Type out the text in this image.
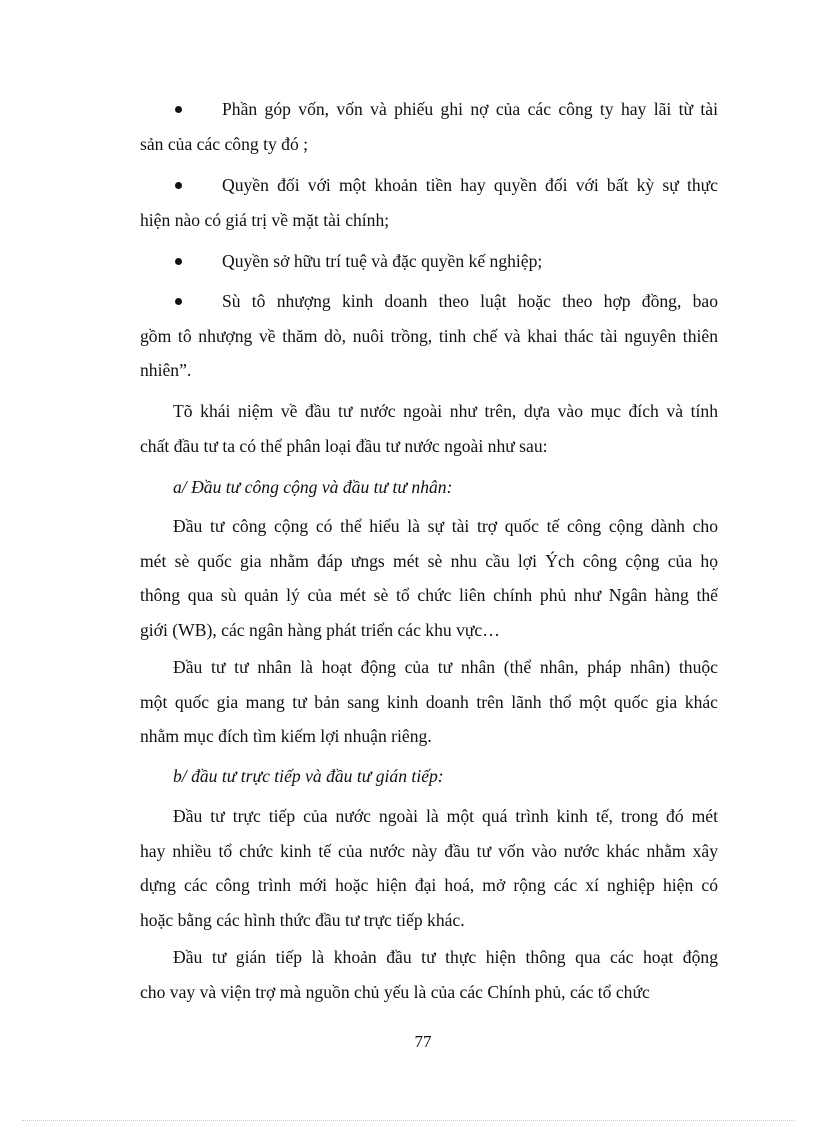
Phần góp vốn, vốn và phiếu ghi nợ của các công ty hay lãi từ tài
sản của các công ty đó ;
Quyền đối với một khoản tiền hay quyền đối với bất kỳ sự thực
hiện nào có giá trị về mặt tài chính;
Quyền sở hữu trí tuệ và đặc quyền kế nghiệp;
Sù tô nhượng kinh doanh theo luật hoặc theo hợp đồng, bao
gồm tô nhượng về thăm dò, nuôi trồng, tinh chế và khai thác tài nguyên thiên
nhiên”.
Tõ khái niệm về đầu tư nước ngoài như trên, dựa vào mục đích và tính
chất đầu tư ta có thể phân loại đầu tư nước ngoài như sau:
a/ Đầu tư công cộng và đầu tư tư nhân:
Đầu tư công cộng có thể hiểu là sự tài trợ quốc tế công cộng dành cho
mét sè quốc gia nhằm đáp ưngs mét sè nhu cầu lợi Ých công cộng của họ
thông qua sù quản lý của mét sè tổ chức liên chính phủ như Ngân hàng thế
giới (WB), các ngân hàng phát triển các khu vực…
Đầu tư tư nhân là hoạt động của tư nhân (thể nhân, pháp nhân) thuộc
một quốc gia mang tư bản sang kinh doanh trên lãnh thổ một quốc gia khác
nhằm mục đích tìm kiếm lợi nhuận riêng.
b/ đầu tư trực tiếp và đầu tư gián tiếp:
Đầu tư trực tiếp của nước ngoài là một quá trình kinh tế, trong đó mét
hay nhiều tổ chức kinh tế của nước này đầu tư vốn vào nước khác nhằm xây
dựng các công trình mới hoặc hiện đại hoá, mở rộng các xí nghiệp hiện có
hoặc bằng các hình thức đầu tư trực tiếp khác.
Đầu tư gián tiếp là khoản đầu tư thực hiện thông qua các hoạt động
cho vay và viện trợ mà nguồn chủ yếu là của các Chính phủ, các tổ chức
77
